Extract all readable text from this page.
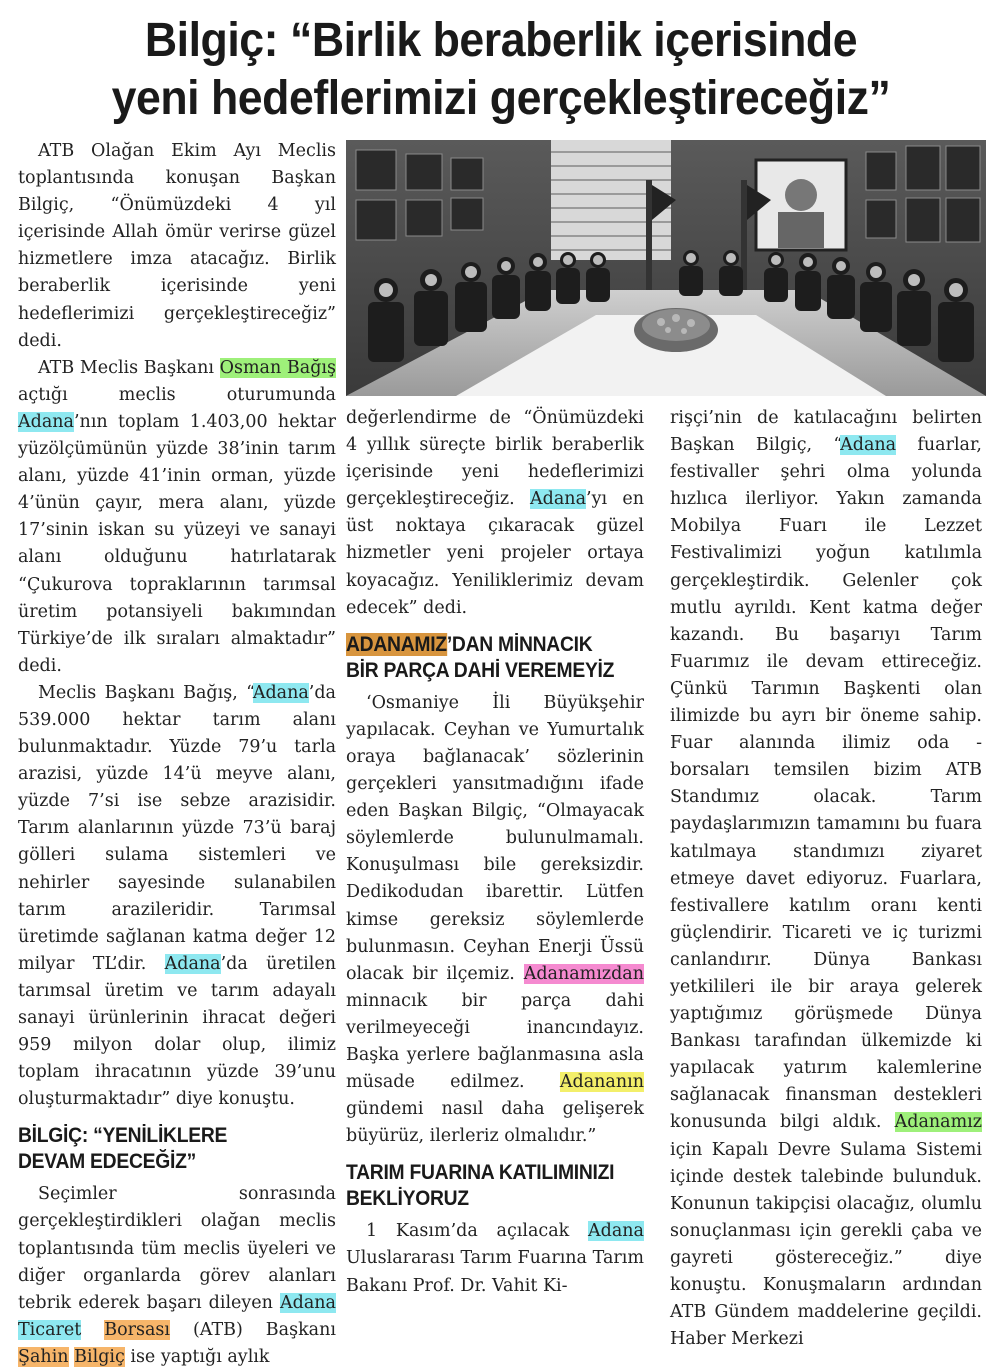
Bilgiç: “Birlik beraberlik içerisinde
yeni hedeflerimizi gerçekleştireceğiz”

ATB Olağan Ekim Ayı Meclis toplantısında konuşan Başkan Bilgiç, “Önümüzdeki 4 yıl içerisinde Allah ömür verirse güzel hizmetlere imza atacağız. Birlik beraberlik içerisinde yeni hedeflerimizi gerçekleştireceğiz” dedi.

ATB Meclis Başkanı Osman Bağış açtığı meclis oturumunda Adana’nın toplam 1.403,00 hektar yüzölçümünün yüzde 38’inin tarım alanı, yüzde 41’inin orman, yüzde 4’ünün çayır, mera alanı, yüzde 17’sinin iskan su yüzeyi ve sanayi alanı olduğunu hatırlatarak “Çukurova topraklarının tarımsal üretim potansiyeli bakımından Türkiye’de ilk sıraları almaktadır” dedi.

Meclis Başkanı Bağış, “Adana’da 539.000 hektar tarım alanı bulunmaktadır. Yüzde 79’u tarla arazisi, yüzde 14’ü meyve alanı, yüzde 7’si ise sebze arazisidir. Tarım alanlarının yüzde 73’ü baraj gölleri sulama sistemleri ve nehirler sayesinde sulanabilen tarım arazileridir. Tarımsal üretimde sağlanan katma değer 12 milyar TL’dir. Adana’da üretilen tarımsal üretim ve tarım adayalı sanayi ürünlerinin ihracat değeri 959 milyon dolar olup, ilimiz toplam ihracatının yüzde 39’unu oluşturmaktadır” diye konuştu.

BİLGİÇ: “YENİLİKLERE
DEVAM EDECEĞİZ”

Seçimler sonrasında gerçekleştirdikleri olağan meclis toplantısında tüm meclis üyeleri ve diğer organlarda görev alanları tebrik ederek başarı dileyen Adana Ticaret Borsası (ATB) Başkanı Şahin Bilgiç ise yaptığı aylık

değerlendirme de “Önümüzdeki 4 yıllık süreçte birlik beraberlik içerisinde yeni hedeflerimizi gerçekleştireceğiz. Adana’yı en üst noktaya çıkaracak güzel hizmetler yeni projeler ortaya koyacağız. Yeniliklerimiz devam edecek” dedi.

ADANAMIZ’DAN MİNNACIK
BİR PARÇA DAHİ VEREMEYİZ

‘Osmaniye İli Büyükşehir yapılacak. Ceyhan ve Yumurtalık oraya bağlanacak’ sözlerinin gerçekleri yansıtmadığını ifade eden Başkan Bilgiç, “Olmayacak söylemlerde bulunulmamalı. Konuşulması bile gereksizdir. Dedikodudan ibarettir. Lütfen kimse gereksiz söylemlerde bulunmasın. Ceyhan Enerji Üssü olacak bir ilçemiz. Adanamızdan minnacık bir parça dahi verilmeyeceği inancındayız. Başka yerlere bağlanmasına asla müsade edilmez. Adananın gündemi nasıl daha gelişerek büyürüz, ilerleriz olmalıdır.”

TARIM FUARINA KATILIMINIZI
BEKLİYORUZ

1 Kasım’da açılacak Adana Uluslararası Tarım Fuarına Tarım Bakanı Prof. Dr. Vahit Ki-

rişçi’nin de katılacağını belirten Başkan Bilgiç, “Adana fuarlar, festivaller şehri olma yolunda hızlıca ilerliyor. Yakın zamanda Mobilya Fuarı ile Lezzet Festivalimizi yoğun katılımla gerçekleştirdik. Gelenler çok mutlu ayrıldı. Kent katma değer kazandı. Bu başarıyı Tarım Fuarımız ile devam ettireceğiz. Çünkü Tarımın Başkenti olan ilimizde bu ayrı bir öneme sahip. Fuar alanında ilimiz oda - borsaları temsilen bizim ATB Standımız olacak. Tarım paydaşlarımızın tamamını bu fuara katılmaya standımızı ziyaret etmeye davet ediyoruz. Fuarlara, festivallere katılım oranı kenti güçlendirir. Ticareti ve iç turizmi canlandırır. Dünya Bankası yetkilileri ile bir araya gelerek yaptığımız görüşmede Dünya Bankası tarafından ülkemizde ki yapılacak yatırım kalemlerine sağlanacak finansman destekleri konusunda bilgi aldık. Adanamız için Kapalı Devre Sulama Sistemi içinde destek talebinde bulunduk. Konunun takipçisi olacağız, olumlu sonuçlanması için gerekli çaba ve gayreti göstereceğiz.” diye konuştu. Konuşmaların ardından ATB Gündem maddelerine geçildi. Haber Merkezi
